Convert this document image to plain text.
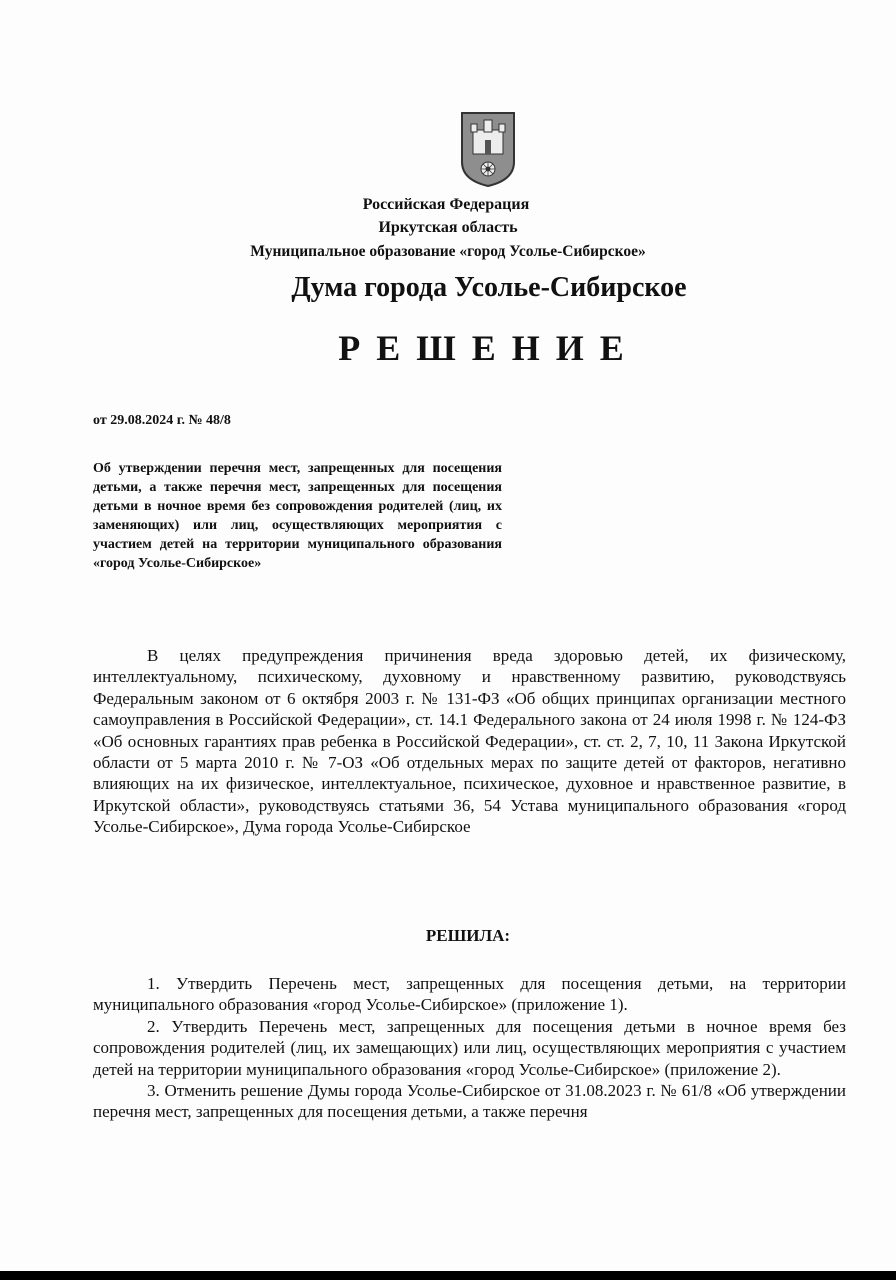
Российская Федерация
Иркутская область
Муниципальное образование «город Усолье-Сибирское»
Дума города Усолье-Сибирское
РЕШЕНИЕ
от 29.08.2024 г. № 48/8
Об утверждении перечня мест, запрещенных для посещения детьми, а также перечня мест, запрещенных для посещения детьми в ночное время без сопровождения родителей (лиц, их заменяющих) или лиц, осуществляющих мероприятия с участием детей на территории муниципального образования «город Усолье-Сибирское»
В целях предупреждения причинения вреда здоровью детей, их физическому, интеллектуальному, психическому, духовному и нравственному развитию, руководствуясь Федеральным законом от 6 октября 2003 г. № 131-ФЗ «Об общих принципах организации местного самоуправления в Российской Федерации», ст. 14.1 Федерального закона от 24 июля 1998 г. № 124-ФЗ «Об основных гарантиях прав ребенка в Российской Федерации», ст. ст. 2, 7, 10, 11 Закона Иркутской области от 5 марта 2010 г. № 7-ОЗ «Об отдельных мерах по защите детей от факторов, негативно влияющих на их физическое, интеллектуальное, психическое, духовное и нравственное развитие, в Иркутской области», руководствуясь статьями 36, 54 Устава муниципального образования «город Усолье-Сибирское», Дума города Усолье-Сибирское
РЕШИЛА:

1. Утвердить Перечень мест, запрещенных для посещения детьми, на территории муниципального образования «город Усолье-Сибирское» (приложение 1).

2. Утвердить Перечень мест, запрещенных для посещения детьми в ночное время без сопровождения родителей (лиц, их замещающих) или лиц, осуществляющих мероприятия с участием детей на территории муниципального образования «город Усолье-Сибирское» (приложение 2).

3. Отменить решение Думы города Усолье-Сибирское от 31.08.2023 г. № 61/8 «Об утверждении перечня мест, запрещенных для посещения детьми, а также перечня
